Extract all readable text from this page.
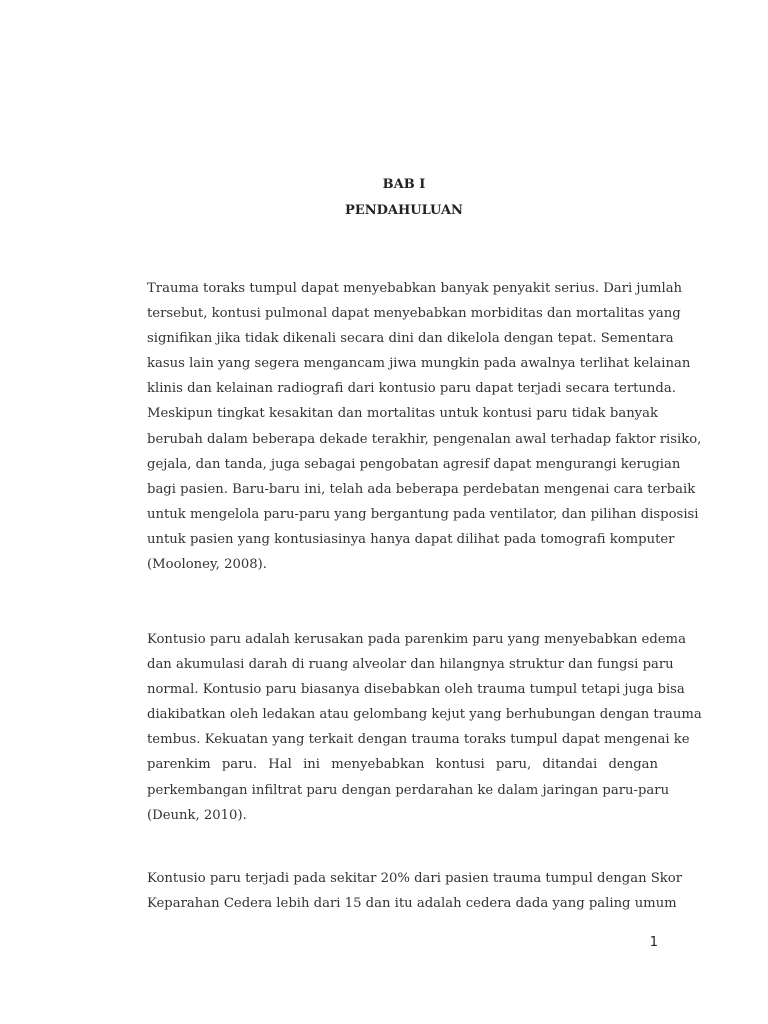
BAB I
PENDAHULUAN
Trauma toraks tumpul dapat menyebabkan banyak penyakit serius. Dari jumlah
tersebut, kontusi pulmonal dapat menyebabkan morbiditas dan mortalitas yang
signifikan jika tidak dikenali secara dini dan dikelola dengan tepat. Sementara
kasus lain yang segera mengancam jiwa mungkin pada awalnya terlihat kelainan
klinis dan kelainan radiografi dari kontusio paru dapat terjadi secara tertunda.
Meskipun tingkat kesakitan dan mortalitas untuk kontusi paru tidak banyak
berubah dalam beberapa dekade terakhir, pengenalan awal terhadap faktor risiko,
gejala, dan tanda, juga sebagai pengobatan agresif dapat mengurangi kerugian
bagi pasien. Baru-baru ini, telah ada beberapa perdebatan mengenai cara terbaik
untuk mengelola paru-paru yang bergantung pada ventilator, dan pilihan disposisi
untuk pasien yang kontusiasinya hanya dapat dilihat pada tomografi komputer
(Mooloney, 2008).
Kontusio paru adalah kerusakan pada parenkim paru yang menyebabkan edema
dan akumulasi darah di ruang alveolar dan hilangnya struktur dan fungsi paru
normal. Kontusio paru biasanya disebabkan oleh trauma tumpul tetapi juga bisa
diakibatkan oleh ledakan atau gelombang kejut yang berhubungan dengan trauma
tembus. Kekuatan yang terkait dengan trauma toraks tumpul dapat mengenai ke
parenkim paru. Hal ini menyebabkan kontusi paru, ditandai dengan
perkembangan infiltrat paru dengan perdarahan ke dalam jaringan paru-paru
(Deunk, 2010).
Kontusio paru terjadi pada sekitar 20% dari pasien trauma tumpul dengan Skor
Keparahan Cedera lebih dari 15 dan itu adalah cedera dada yang paling umum
1
